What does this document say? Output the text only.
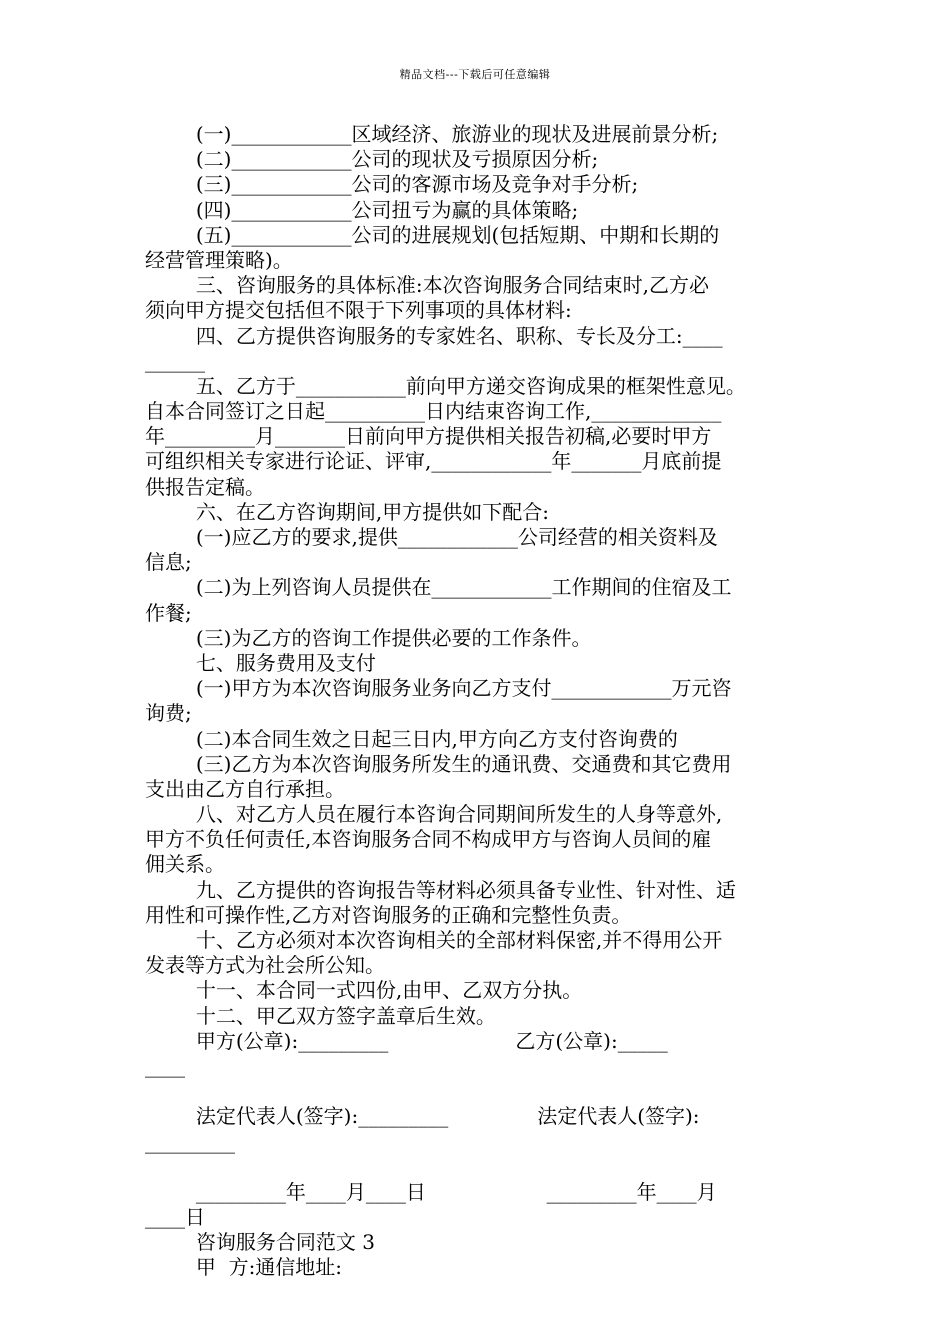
精品文档---下载后可任意编辑
(一)____________区域经济、旅游业的现状及进展前景分析;
(二)____________公司的现状及亏损原因分析;
(三)____________公司的客源市场及竞争对手分析;
(四)____________公司扭亏为赢的具体策略;
(五)____________公司的进展规划(包括短期、中期和长期的
经营管理策略)。
三、咨询服务的具体标准:本次咨询服务合同结束时,乙方必
须向甲方提交包括但不限于下列事项的具体材料:
四、乙方提供咨询服务的专家姓名、职称、专长及分工:____
______
五、乙方于___________前向甲方递交咨询成果的框架性意见。
自本合同签订之日起__________日内结束咨询工作,_____________
年_________月_______日前向甲方提供相关报告初稿,必要时甲方
可组织相关专家进行论证、评审,____________年_______月底前提
供报告定稿。
六、在乙方咨询期间,甲方提供如下配合:
(一)应乙方的要求,提供____________公司经营的相关资料及
信息;
(二)为上列咨询人员提供在____________工作期间的住宿及工
作餐;
(三)为乙方的咨询工作提供必要的工作条件。
七、服务费用及支付
(一)甲方为本次咨询服务业务向乙方支付____________万元咨
询费;
(二)本合同生效之日起三日内,甲方向乙方支付咨询费的
(三)乙方为本次咨询服务所发生的通讯费、交通费和其它费用
支出由乙方自行承担。
八、对乙方人员在履行本咨询合同期间所发生的人身等意外,
甲方不负任何责任,本咨询服务合同不构成甲方与咨询人员间的雇
佣关系。
九、乙方提供的咨询报告等材料必须具备专业性、针对性、适
用性和可操作性,乙方对咨询服务的正确和完整性负责。
十、乙方必须对本次咨询相关的全部材料保密,并不得用公开
发表等方式为社会所公知。
十一、本合同一式四份,由甲、乙双方分执。
十二、甲乙双方签字盖章后生效。
甲方(公章):_________                    乙方(公章):_____
____
法定代表人(签字):_________              法定代表人(签字):
_________
_________年____月____日                   _________年____月
____日
咨询服务合同范文 3
甲  方:通信地址:
